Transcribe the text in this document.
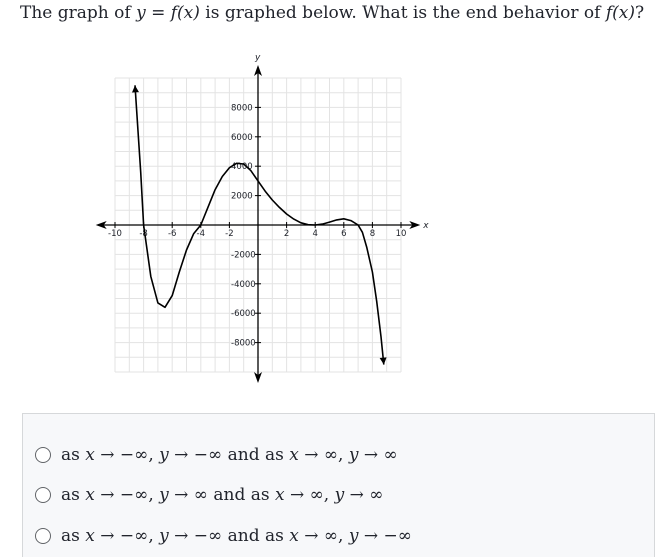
The graph of y = f(x) is graphed below. What is the end behavior of f(x)?
x
y
-10 -8 -6 -4 -2	2	4	6	8 10
8000
6000
4000
2000
-2000
-4000
-6000
-8000
as x → −∞, y → −∞ and as x → ∞, y → ∞
as x → −∞, y → ∞ and as x → ∞, y → ∞
as x → −∞, y → −∞ and as x → ∞, y → −∞
